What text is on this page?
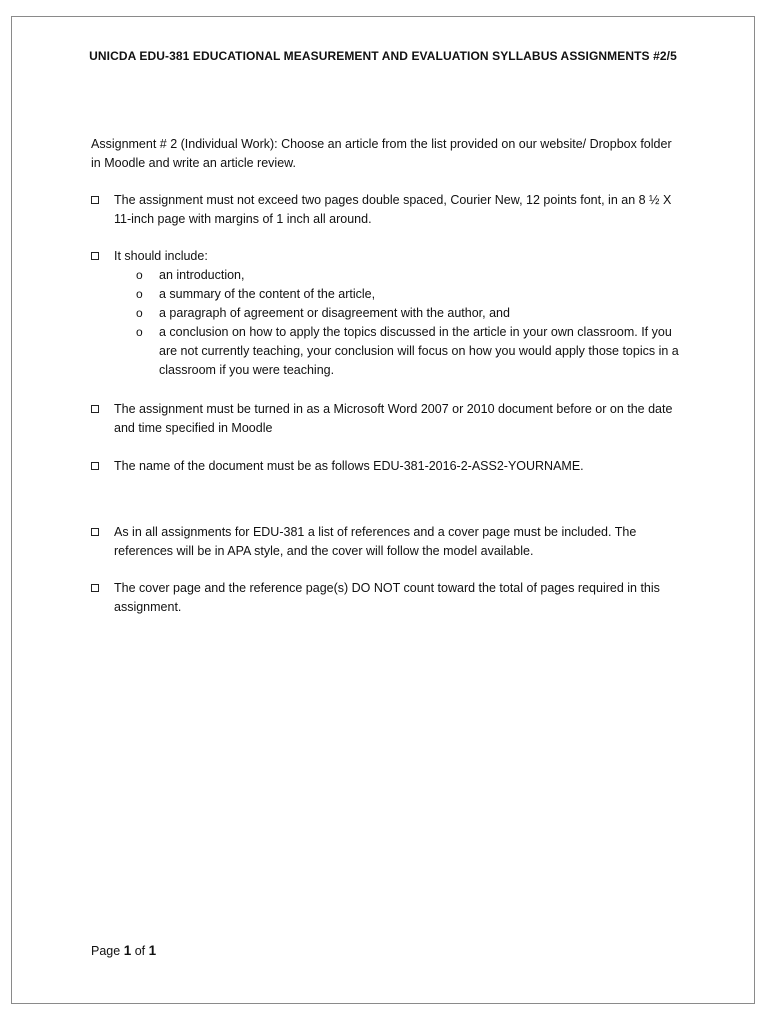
UNICDA EDU-381 EDUCATIONAL MEASUREMENT AND EVALUATION SYLLABUS ASSIGNMENTS #2/5
Assignment # 2 (Individual Work): Choose an article from the list provided on our website/ Dropbox folder in Moodle and write an article review.
The assignment must not exceed two pages double spaced, Courier New, 12 points font, in an 8 ½ X 11-inch page with margins of 1 inch all around.
It should include:
o an introduction,
o a summary of the content of the article,
o a paragraph of agreement or disagreement with the author, and
o a conclusion on how to apply the topics discussed in the article in your own classroom. If you are not currently teaching, your conclusion will focus on how you would apply those topics in a classroom if you were teaching.
The assignment must be turned in as a Microsoft Word 2007 or 2010 document before or on the date and time specified in Moodle
The name of the document must be as follows EDU-381-2016-2-ASS2-YOURNAME.
As in all assignments for EDU-381 a list of references and a cover page must be included. The references will be in APA style, and the cover will follow the model available.
The cover page and the reference page(s) DO NOT count toward the total of pages required in this assignment.
Page 1 of 1
